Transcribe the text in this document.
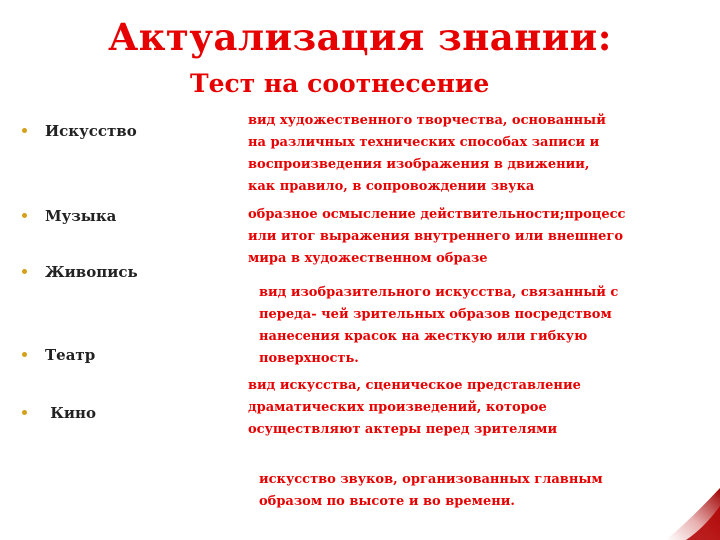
Актуализация знании:
Тест на соотнесение
Искусство
Музыка
Живопись
Театр
Кино
вид художественного творчества, основанный
на различных технических способах записи и
воспроизведения изображения в движении,
как правило, в сопровождении звука
образное осмысление действительности;процесс
или итог выражения внутреннего или внешнего
мира в художественном образе
вид изобразительного искусства, связанный с
переда- чей зрительных образов посредством
нанесения красок на жесткую или гибкую
поверхность.
вид искусства, сценическое представление
драматических произведений, которое
осуществляют актеры перед зрителями
искусство звуков, организованных главным
образом по высоте и во времени.
